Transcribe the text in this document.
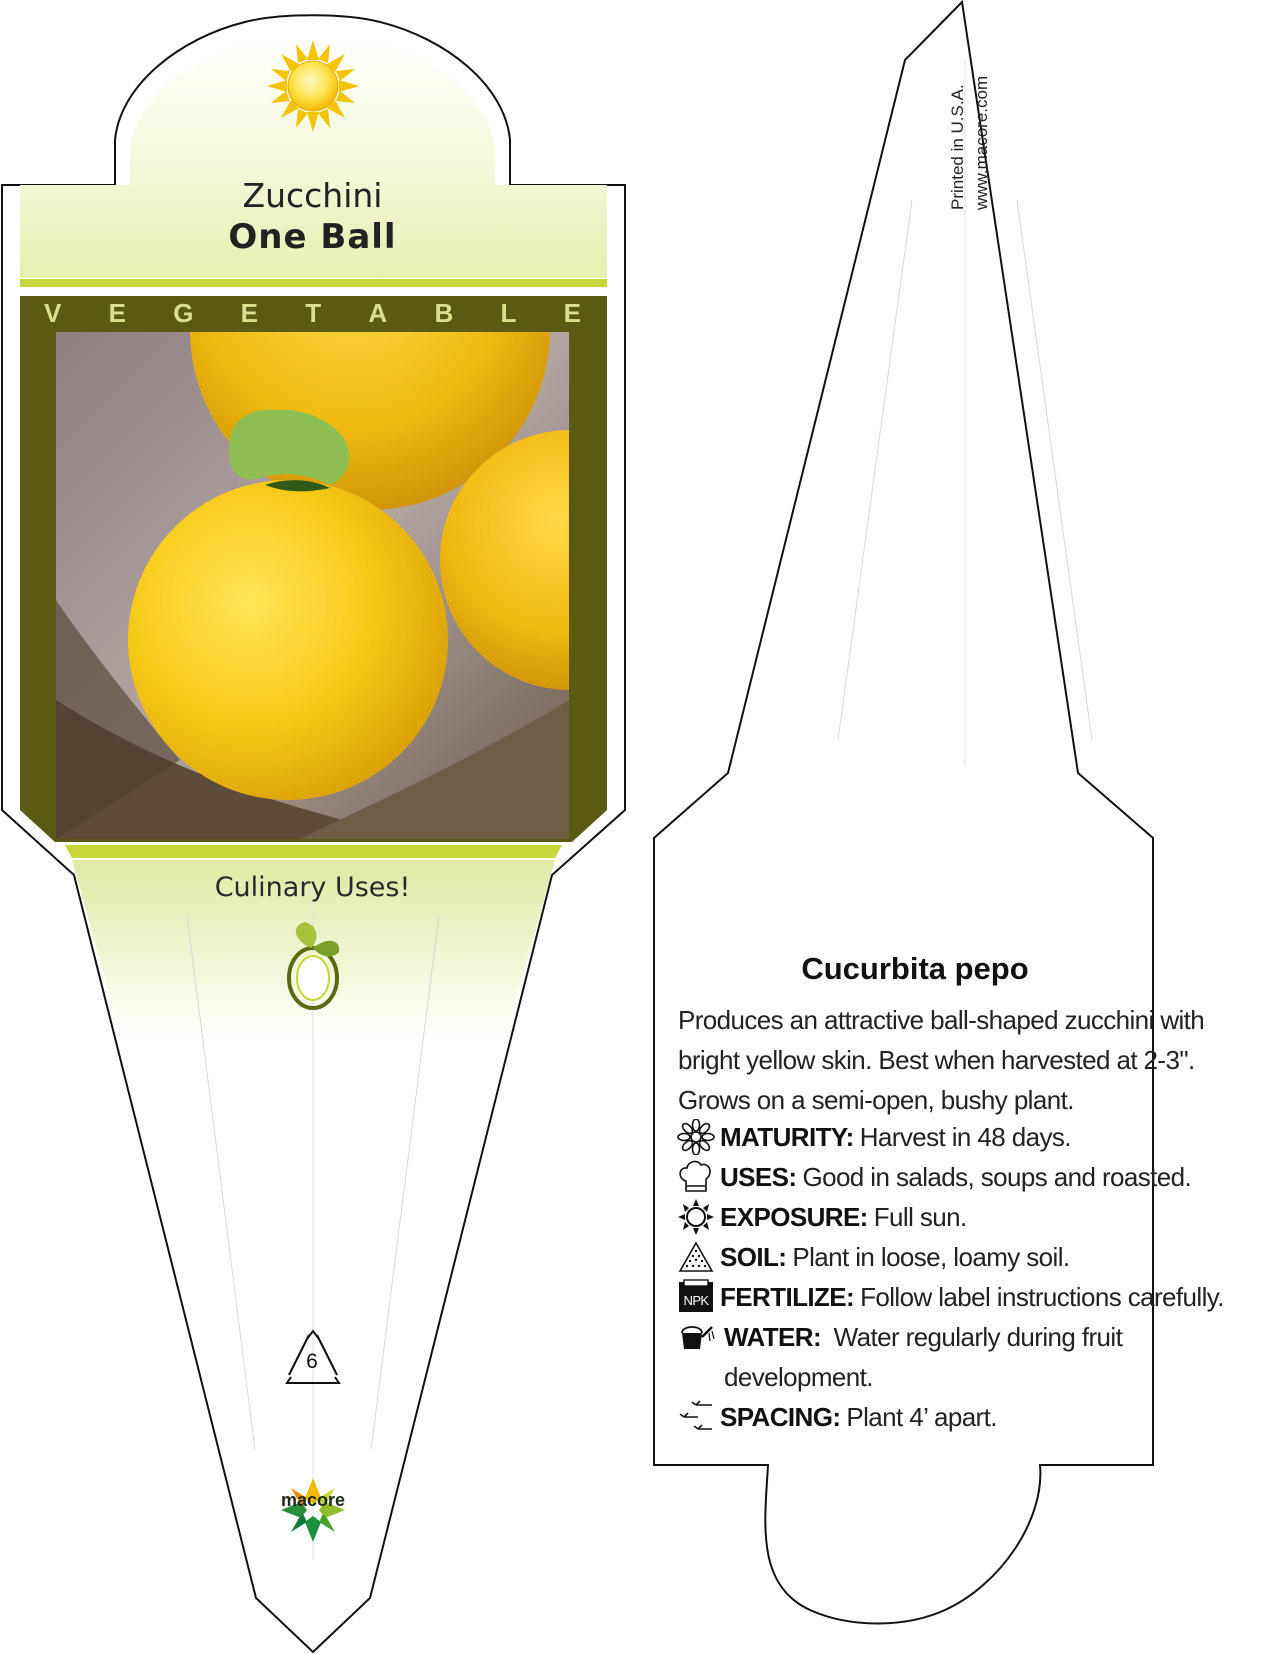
Zucchini
One Ball
V E G E T A B L E
Culinary Uses!
6
macore
Printed in U.S.A. www.macore.com
Cucurbita pepo
Produces an attractive ball-shaped zucchini with bright yellow skin. Best when harvested at 2-3". Grows on a semi-open, bushy plant.
MATURITY: Harvest in 48 days.
USES: Good in salads, soups and roasted.
EXPOSURE: Full sun.
SOIL: Plant in loose, loamy soil.
NPK FERTILIZE: Follow label instructions carefully.
WATER: Water regularly during fruit development.
SPACING: Plant 4’ apart.
